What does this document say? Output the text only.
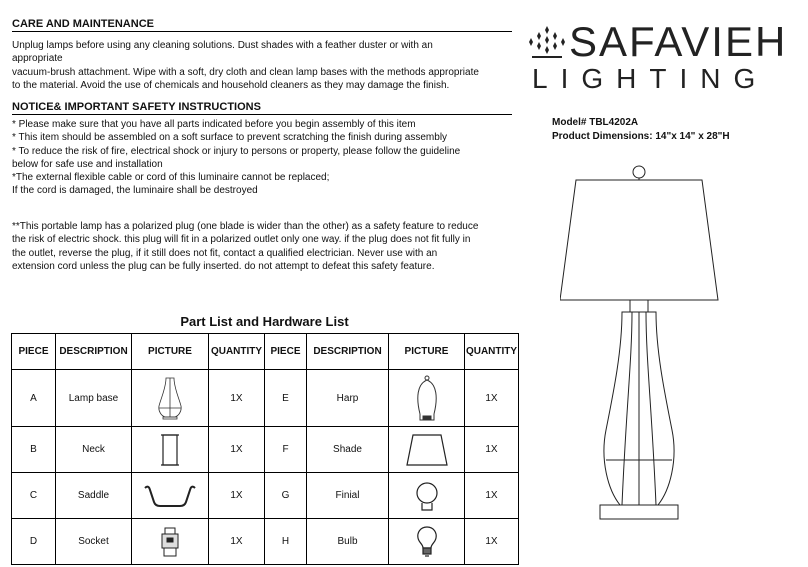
CARE AND MAINTENANCE
Unplug lamps before using any cleaning solutions. Dust shades with a feather duster or with an
appropriate
vacuum-brush attachment. Wipe with a soft, dry cloth and clean lamp bases with the methods appropriate
to the material. Avoid the use of chemicals and household cleaners as they may damage the finish.
NOTICE& IMPORTANT SAFETY INSTRUCTIONS
* Please make sure that you have all parts indicated before you begin assembly of this item
* This item should be assembled on a soft surface to prevent scratching the finish during assembly
* To reduce the risk of fire, electrical shock or injury to persons or property, please follow the guideline
below for safe use and installation
*The external flexible cable or cord of this luminaire cannot be replaced;
If the cord is damaged, the luminaire shall be destroyed
**This portable lamp has a polarized plug (one blade is wider than the other) as a safety feature to reduce
the risk of electric shock. this plug will fit in a polarized outlet only one way. if the plug does not fit fully in
the outlet, reverse the plug, if it still does not fit, contact a qualified electrician. Never use with an
extension cord unless the plug can be fully inserted. do not attempt to defeat this safety feature.
SAFAVIEH
LIGHTING
Model# TBL4202A
Product Dimensions: 14"x 14" x 28"H
Part List and Hardware List
PIECE	DESCRIPTION	PICTURE	QUANTITY	PIECE	DESCRIPTION	PICTURE	QUANTITY
A	Lamp base		1X	E	Harp		1X
B	Neck		1X	F	Shade		1X
C	Saddle		1X	G	Finial		1X
D	Socket		1X	H	Bulb		1X
